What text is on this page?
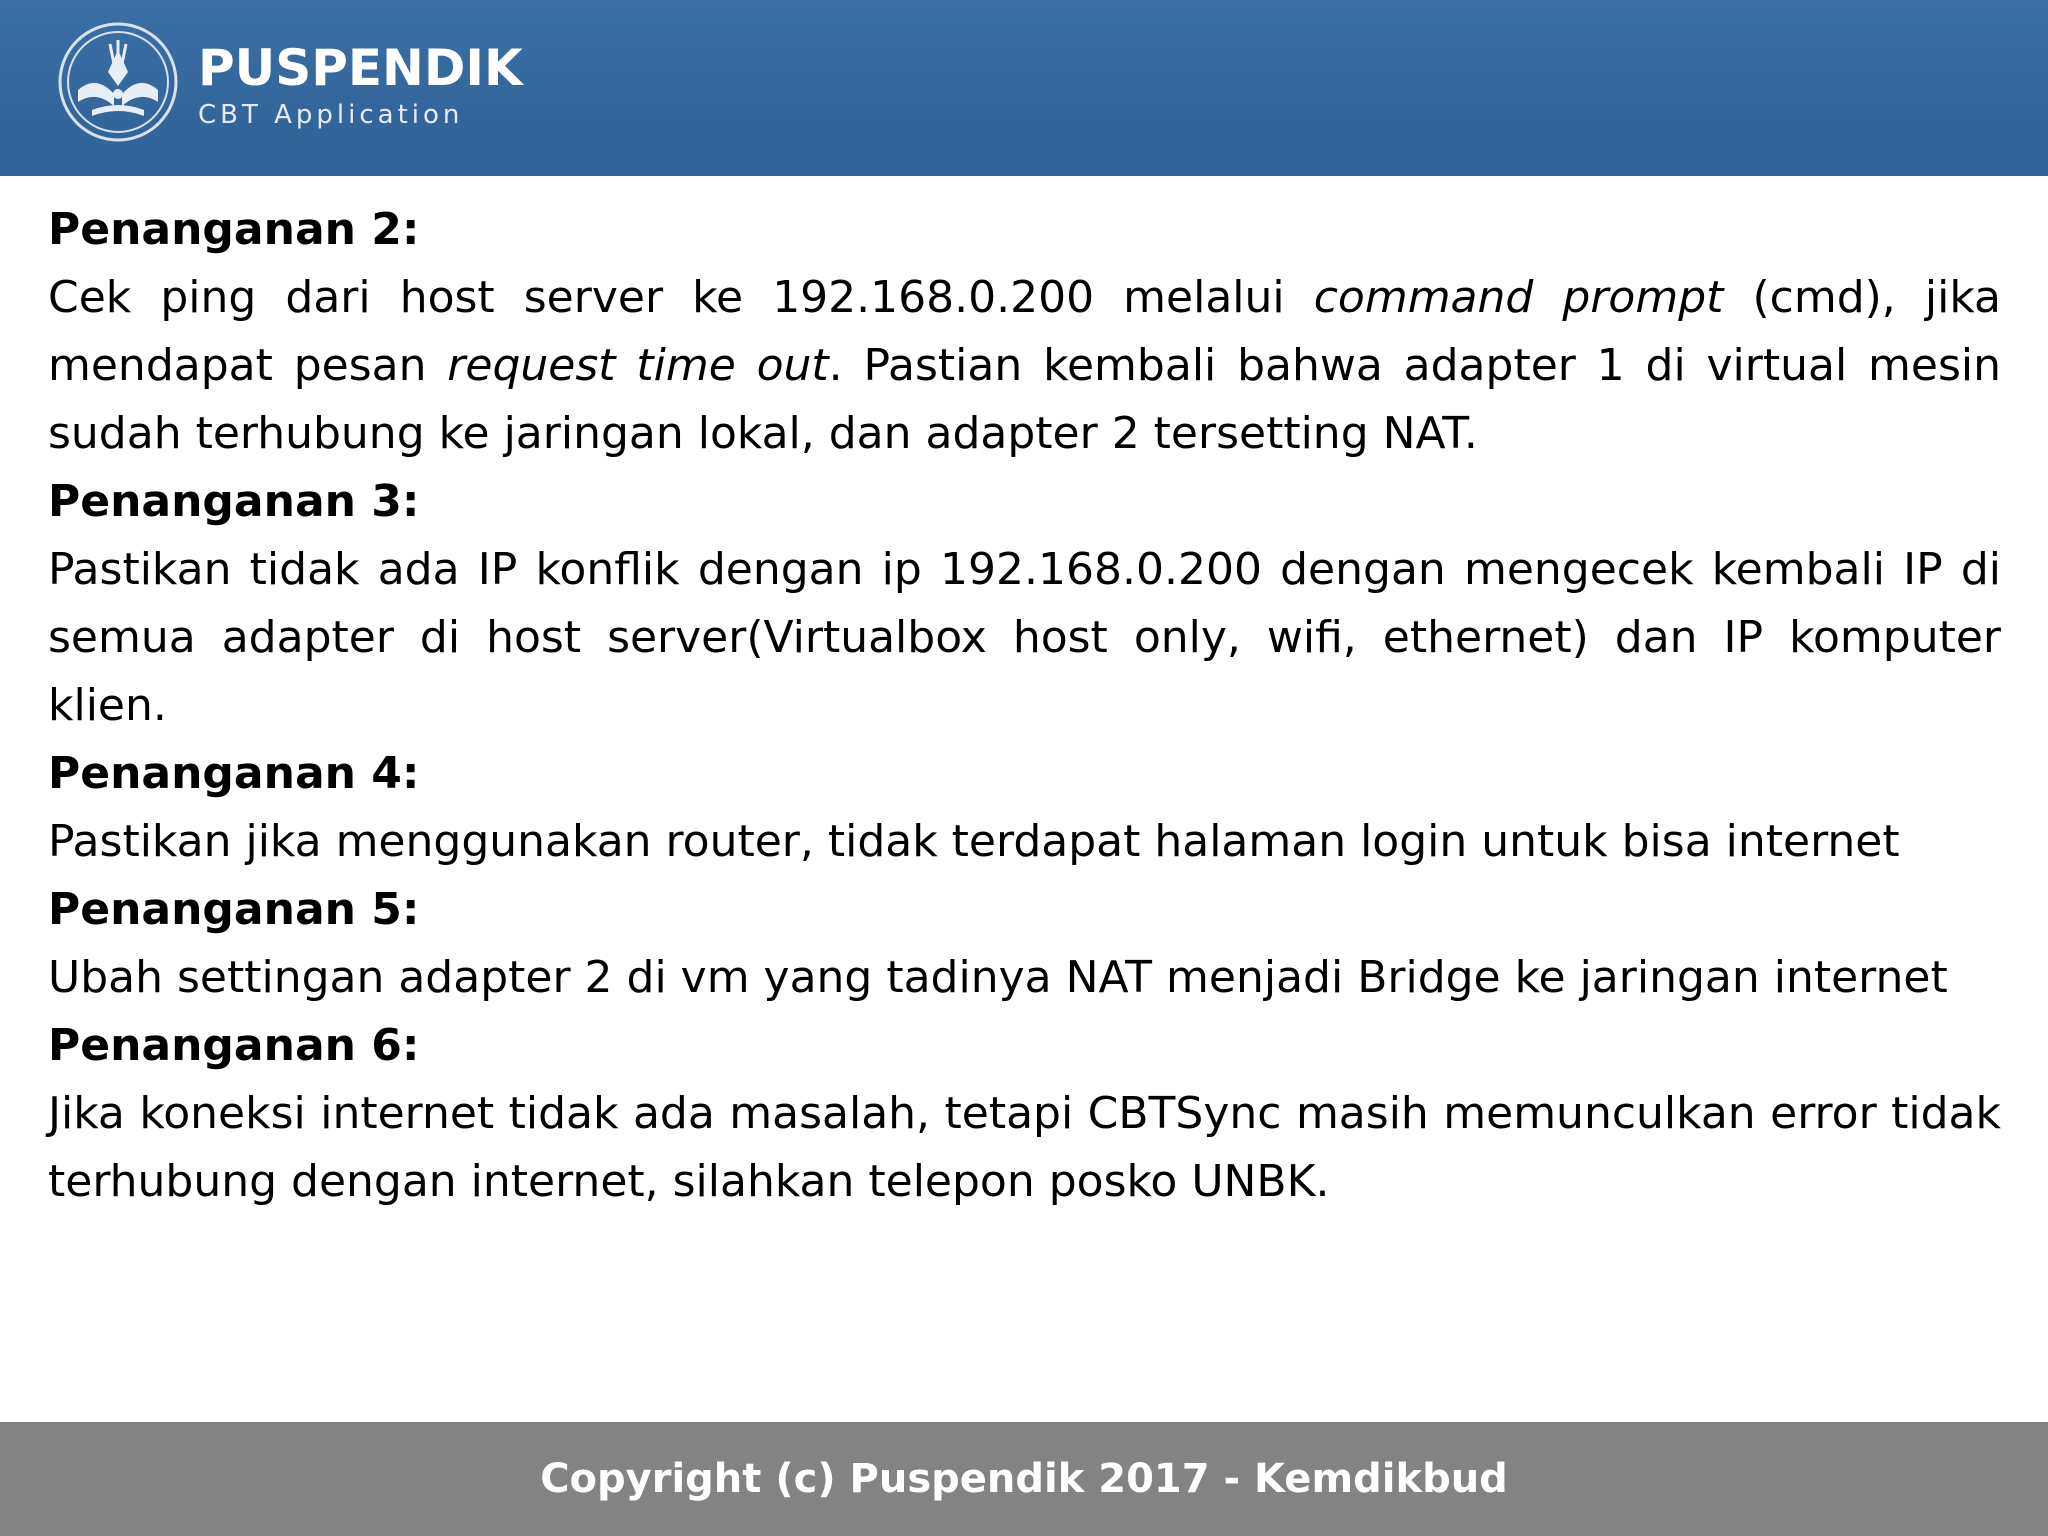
PUSPENDIK
CBT Application

Penanganan 2:

Cek ping dari host server ke 192.168.0.200 melalui command prompt (cmd), jika mendapat pesan request time out. Pastian kembali bahwa adapter 1 di virtual mesin sudah terhubung ke jaringan lokal, dan adapter 2 tersetting NAT.

Penanganan 3:

Pastikan tidak ada IP konflik dengan ip 192.168.0.200 dengan mengecek kembali IP di semua adapter di host server(Virtualbox host only, wifi, ethernet) dan IP komputer klien.

Penanganan 4:

Pastikan jika menggunakan router, tidak terdapat halaman login untuk bisa internet

Penanganan 5:

Ubah settingan adapter 2 di vm yang tadinya NAT menjadi Bridge ke jaringan internet

Penanganan 6:

Jika koneksi internet tidak ada masalah, tetapi CBTSync masih memunculkan error tidak terhubung dengan internet, silahkan telepon posko UNBK.

Copyright (c) Puspendik 2017 - Kemdikbud
